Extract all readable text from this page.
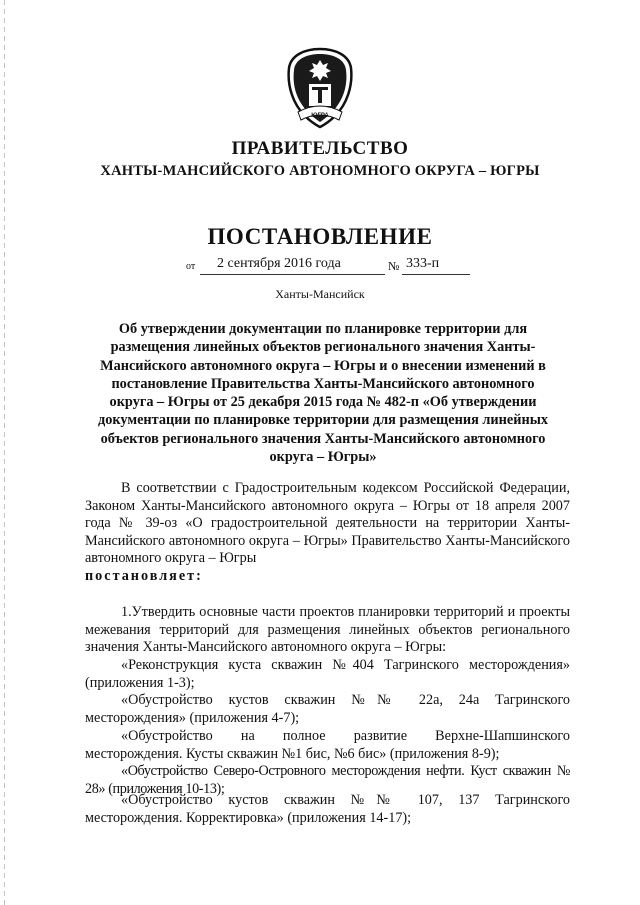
ЮГРА
ПРАВИТЕЛЬСТВО
ХАНТЫ-МАНСИЙСКОГО АВТОНОМНОГО ОКРУГА – ЮГРЫ
ПОСТАНОВЛЕНИЕ
от 2 сентября 2016 года	№ 333-п
Ханты-Мансийск

Об утверждении документации по планировке территории для размещения линейных объектов регионального значения Ханты-Мансийского автономного округа – Югры и о внесении изменений в постановление Правительства Ханты-Мансийского автономного округа – Югры от 25 декабря 2015 года № 482-п «Об утверждении документации по планировке территории для размещения линейных объектов регионального значения Ханты-Мансийского автономного округа – Югры»

В соответствии с Градостроительным кодексом Российской Федерации, Законом Ханты-Мансийского автономного округа – Югры от 18 апреля 2007 года № 39-оз «О градостроительной деятельности на территории Ханты-Мансийского автономного округа – Югры» Правительство Ханты-Мансийского автономного округа – Югры

постановляет:

1.Утвердить основные части проектов планировки территорий и проекты межевания территорий для размещения линейных объектов регионального значения Ханты-Мансийского автономного округа – Югры:

«Реконструкция куста скважин №404 Тагринского месторождения» (приложения 1-3);

«Обустройство кустов скважин №№ 22а, 24а Тагринского месторождения» (приложения 4-7);

«Обустройство на полное развитие Верхне-Шапшинского месторождения. Кусты скважин №1 бис, №6 бис» (приложения 8-9);

«Обустройство Северо-Островного месторождения нефти. Куст скважин № 28» (приложения 10-13);

«Обустройство кустов скважин №№ 107, 137 Тагринского месторождения. Корректировка» (приложения 14-17);
